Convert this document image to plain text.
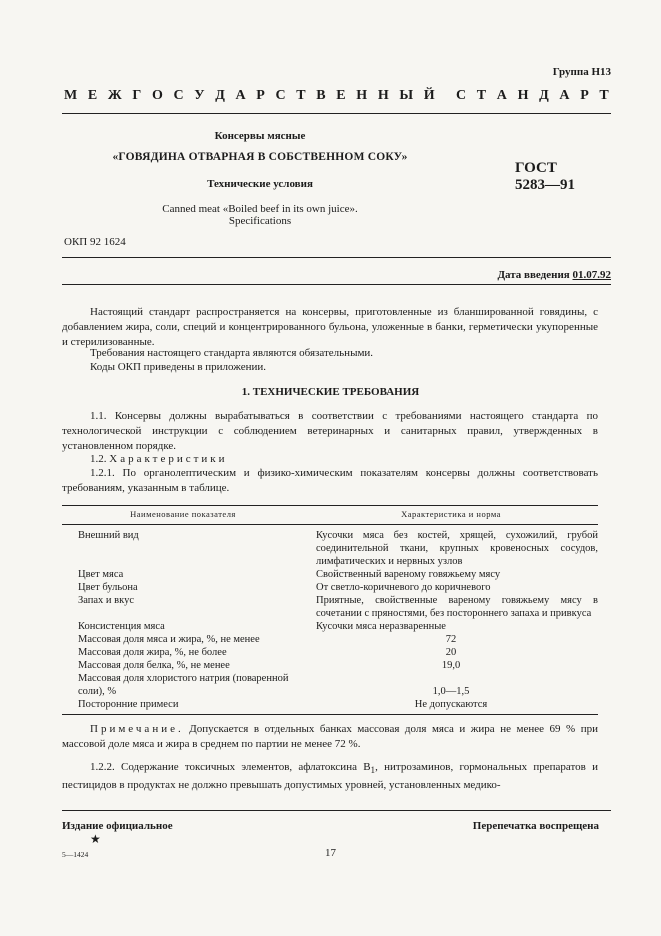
Группа Н13
М Е Ж Г О С У Д А Р С Т В Е Н Н Ы Й С Т А Н Д А Р Т
Консервы мясные
«ГОВЯДИНА ОТВАРНАЯ В СОБСТВЕННОМ СОКУ»
Технические условия
Canned meat «Boiled beef in its own juice».
Specifications
ГОСТ
5283—91
ОКП 92 1624
Дата введения 01.07.92
Настоящий стандарт распространяется на консервы, приготовленные из бланшированной говядины, с добавлением жира, соли, специй и концентрированного бульона, уложенные в банки, герметически укупоренные и стерилизованные.
Требования настоящего стандарта являются обязательными.
Коды ОКП приведены в приложении.
1. ТЕХНИЧЕСКИЕ ТРЕБОВАНИЯ
1.1. Консервы должны вырабатываться в соответствии с требованиями настоящего стандарта по технологической инструкции с соблюдением ветеринарных и санитарных правил, утвержденных в установленном порядке.
1.2. Характеристики
1.2.1. По органолептическим и физико-химическим показателям консервы должны соответствовать требованиям, указанным в таблице.
Наименование показателя	Характеристика и норма
Внешний вид	Кусочки мяса без костей, хрящей, сухожилий, грубой соединительной ткани, крупных кровеносных сосудов, лимфатических и нервных узлов
Цвет мяса	Свойственный вареному говяжьему мясу
Цвет бульона	От светло-коричневого до коричневого
Запах и вкус	Приятные, свойственные вареному говяжьему мясу в сочетании с пряностями, без постороннего запаха и привкуса
Консистенция мяса	Кусочки мяса неразваренные
Массовая доля мяса и жира, %, не менее	72
Массовая доля жира, %, не более	20
Массовая доля белка, %, не менее	19,0
Массовая доля хлористого натрия (поваренной соли), %	1,0—1,5
Посторонние примеси	Не допускаются
Примечание. Допускается в отдельных банках массовая доля мяса и жира не менее 69 % при массовой доле мяса и жира в среднем по партии не менее 72 %.
1.2.2. Содержание токсичных элементов, афлатоксина $B_1$, нитрозаминов, гормональных препаратов и пестицидов в продуктах не должно превышать допустимых уровней, установленных медико-
Издание официальное	Перепечатка воспрещена
★
5—1424	17
